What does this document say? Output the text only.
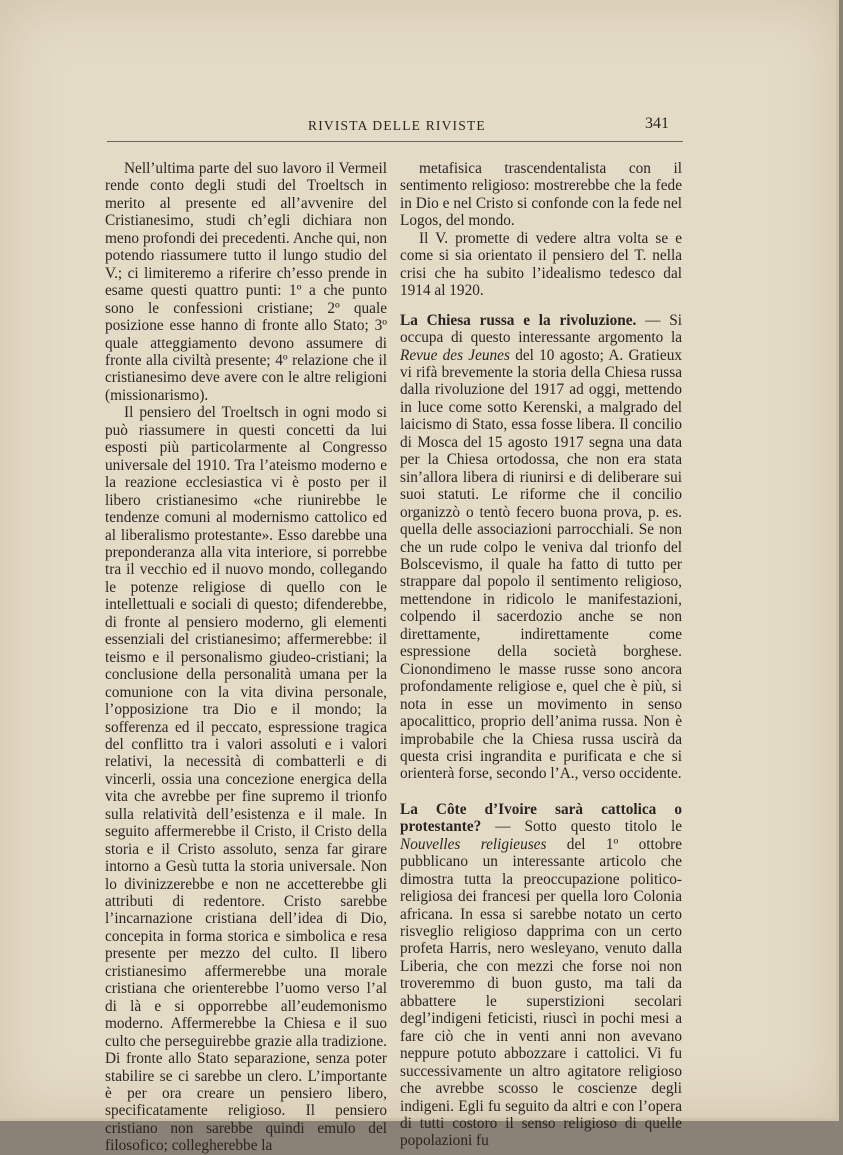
RIVISTA DELLE RIVISTE	341

Nell’ultima parte del suo lavoro il Vermeil rende conto degli studi del Troeltsch in merito al presente ed all’avvenire del Cristianesimo, studi ch’egli dichiara non meno profondi dei precedenti. Anche qui, non potendo riassumere tutto il lungo studio del V.; ci limiteremo a riferire ch’esso prende in esame questi quattro punti: 1º a che punto sono le confessioni cristiane; 2º quale posizione esse hanno di fronte allo Stato; 3º quale atteggiamento devono assumere di fronte alla civiltà presente; 4º relazione che il cristianesimo deve avere con le altre religioni (missionarismo).

Il pensiero del Troeltsch in ogni modo si può riassumere in questi concetti da lui esposti più particolarmente al Congresso universale del 1910. Tra l’ateismo moderno e la reazione ecclesiastica vi è posto per il libero cristianesimo «che riunirebbe le tendenze comuni al modernismo cattolico ed al liberalismo protestante». Esso darebbe una preponderanza alla vita interiore, si porrebbe tra il vecchio ed il nuovo mondo, collegando le potenze religiose di quello con le intellettuali e sociali di questo; difenderebbe, di fronte al pensiero moderno, gli elementi essenziali del cristianesimo; affermerebbe: il teismo e il personalismo giudeo-cristiani; la conclusione della personalità umana per la comunione con la vita divina personale, l’opposizione tra Dio e il mondo; la sofferenza ed il peccato, espressione tragica del conflitto tra i valori assoluti e i valori relativi, la necessità di combatterli e di vincerli, ossia una concezione energica della vita che avrebbe per fine supremo il trionfo sulla relatività dell’esistenza e il male. In seguito affermerebbe il Cristo, il Cristo della storia e il Cristo assoluto, senza far girare intorno a Gesù tutta la storia universale. Non lo divinizzerebbe e non ne accetterebbe gli attributi di redentore. Cristo sarebbe l’incarnazione cristiana dell’idea di Dio, concepita in forma storica e simbolica e resa presente per mezzo del culto. Il libero cristianesimo affermerebbe una morale cristiana che orienterebbe l’uomo verso l’al di là e si opporrebbe all’eudemonismo moderno. Affermerebbe la Chiesa e il suo culto che perseguirebbe grazie alla tradizione. Di fronte allo Stato separazione, senza poter stabilire se ci sarebbe un clero. L’importante è per ora creare un pensiero libero, specificatamente religioso. Il pensiero cristiano non sarebbe quindi emulo del filosofico; collegherebbe la

metafisica trascendentalista con il sentimento religioso: mostrerebbe che la fede in Dio e nel Cristo si confonde con la fede nel Logos, del mondo.

Il V. promette di vedere altra volta se e come si sia orientato il pensiero del T. nella crisi che ha subito l’idealismo tedesco dal 1914 al 1920.

La Chiesa russa e la rivoluzione. — Si occupa di questo interessante argomento la Revue des Jeunes del 10 agosto; A. Gratieux vi rifà brevemente la storia della Chiesa russa dalla rivoluzione del 1917 ad oggi, mettendo in luce come sotto Kerenski, a malgrado del laicismo di Stato, essa fosse libera. Il concilio di Mosca del 15 agosto 1917 segna una data per la Chiesa ortodossa, che non era stata sin’allora libera di riunirsi e di deliberare sui suoi statuti. Le riforme che il concilio organizzò o tentò fecero buona prova, p. es. quella delle associazioni parrocchiali. Se non che un rude colpo le veniva dal trionfo del Bolscevismo, il quale ha fatto di tutto per strappare dal popolo il sentimento religioso, mettendone in ridicolo le manifestazioni, colpendo il sacerdozio anche se non direttamente, indirettamente come espressione della società borghese. Cionondimeno le masse russe sono ancora profondamente religiose e, quel che è più, si nota in esse un movimento in senso apocalittico, proprio dell’anima russa. Non è improbabile che la Chiesa russa uscirà da questa crisi ingrandita e purificata e che si orienterà forse, secondo l’A., verso occidente.

La Côte d’Ivoire sarà cattolica o protestante? — Sotto questo titolo le Nouvelles religieuses del 1º ottobre pubblicano un interessante articolo che dimostra tutta la preoccupazione politico-religiosa dei francesi per quella loro Colonia africana. In essa si sarebbe notato un certo risveglio religioso dapprima con un certo profeta Harris, nero wesleyano, venuto dalla Liberia, che con mezzi che forse noi non troveremmo di buon gusto, ma tali da abbattere le superstizioni secolari degl’indigeni feticisti, riuscì in pochi mesi a fare ciò che in venti anni non avevano neppure potuto abbozzare i cattolici. Vi fu successivamente un altro agitatore religioso che avrebbe scosso le coscienze degli indigeni. Egli fu seguito da altri e con l’opera di tutti costoro il senso religioso di quelle popolazioni fu
